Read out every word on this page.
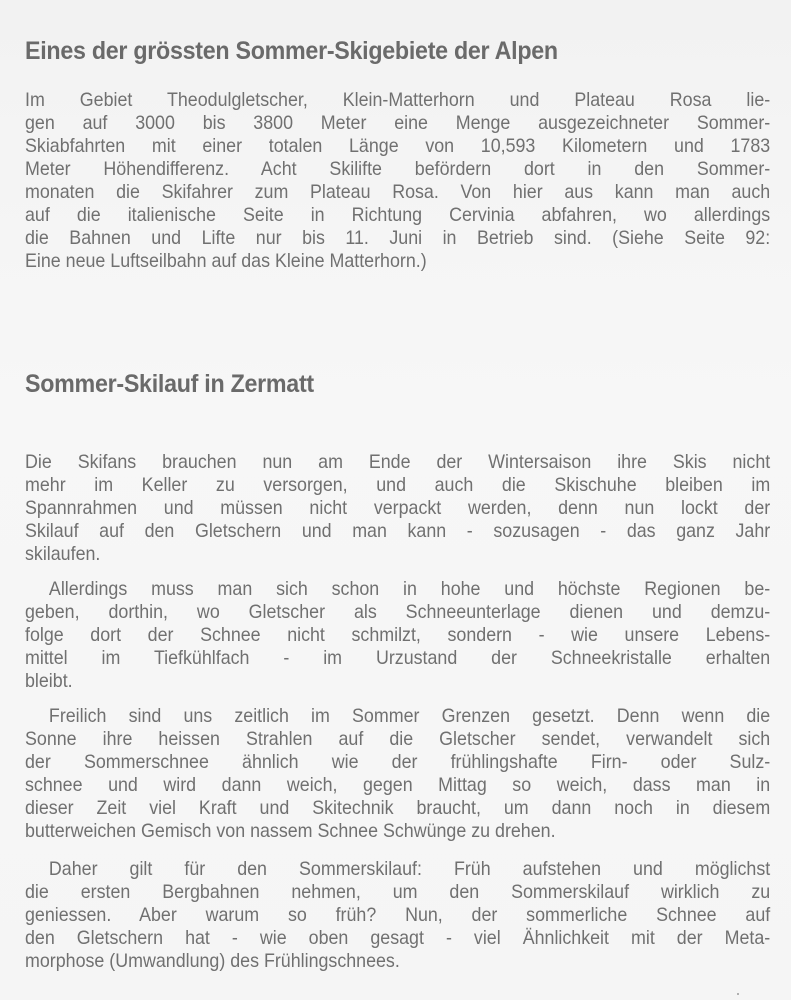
Eines der grössten Sommer-Skigebiete der Alpen

Im Gebiet Theodulgletscher, Klein-Matterhorn und Plateau Rosa lie-
gen auf 3000 bis 3800 Meter eine Menge ausgezeichneter Sommer-
Skiabfahrten mit einer totalen Länge von 10,593 Kilometern und 1783
Meter Höhendifferenz. Acht Skilifte befördern dort in den Sommer-
monaten die Skifahrer zum Plateau Rosa. Von hier aus kann man auch
auf die italienische Seite in Richtung Cervinia abfahren, wo allerdings
die Bahnen und Lifte nur bis 11. Juni in Betrieb sind. (Siehe Seite 92:
Eine neue Luftseilbahn auf das Kleine Matterhorn.)

Sommer-Skilauf in Zermatt

Die Skifans brauchen nun am Ende der Wintersaison ihre Skis nicht
mehr im Keller zu versorgen, und auch die Skischuhe bleiben im
Spannrahmen und müssen nicht verpackt werden, denn nun lockt der
Skilauf auf den Gletschern und man kann - sozusagen - das ganz Jahr
skilaufen.

Allerdings muss man sich schon in hohe und höchste Regionen be-
geben, dorthin, wo Gletscher als Schneeunterlage dienen und demzu-
folge dort der Schnee nicht schmilzt, sondern - wie unsere Lebens-
mittel im Tiefkühlfach - im Urzustand der Schneekristalle erhalten
bleibt.

Freilich sind uns zeitlich im Sommer Grenzen gesetzt. Denn wenn die
Sonne ihre heissen Strahlen auf die Gletscher sendet, verwandelt sich
der Sommerschnee ähnlich wie der frühlingshafte Firn- oder Sulz-
schnee und wird dann weich, gegen Mittag so weich, dass man in
dieser Zeit viel Kraft und Skitechnik braucht, um dann noch in diesem
butterweichen Gemisch von nassem Schnee Schwünge zu drehen.

Daher gilt für den Sommerskilauf: Früh aufstehen und möglichst
die ersten Bergbahnen nehmen, um den Sommerskilauf wirklich zu
geniessen. Aber warum so früh? Nun, der sommerliche Schnee auf
den Gletschern hat - wie oben gesagt - viel Ähnlichkeit mit der Meta-
morphose (Umwandlung) des Frühlingschnees.
